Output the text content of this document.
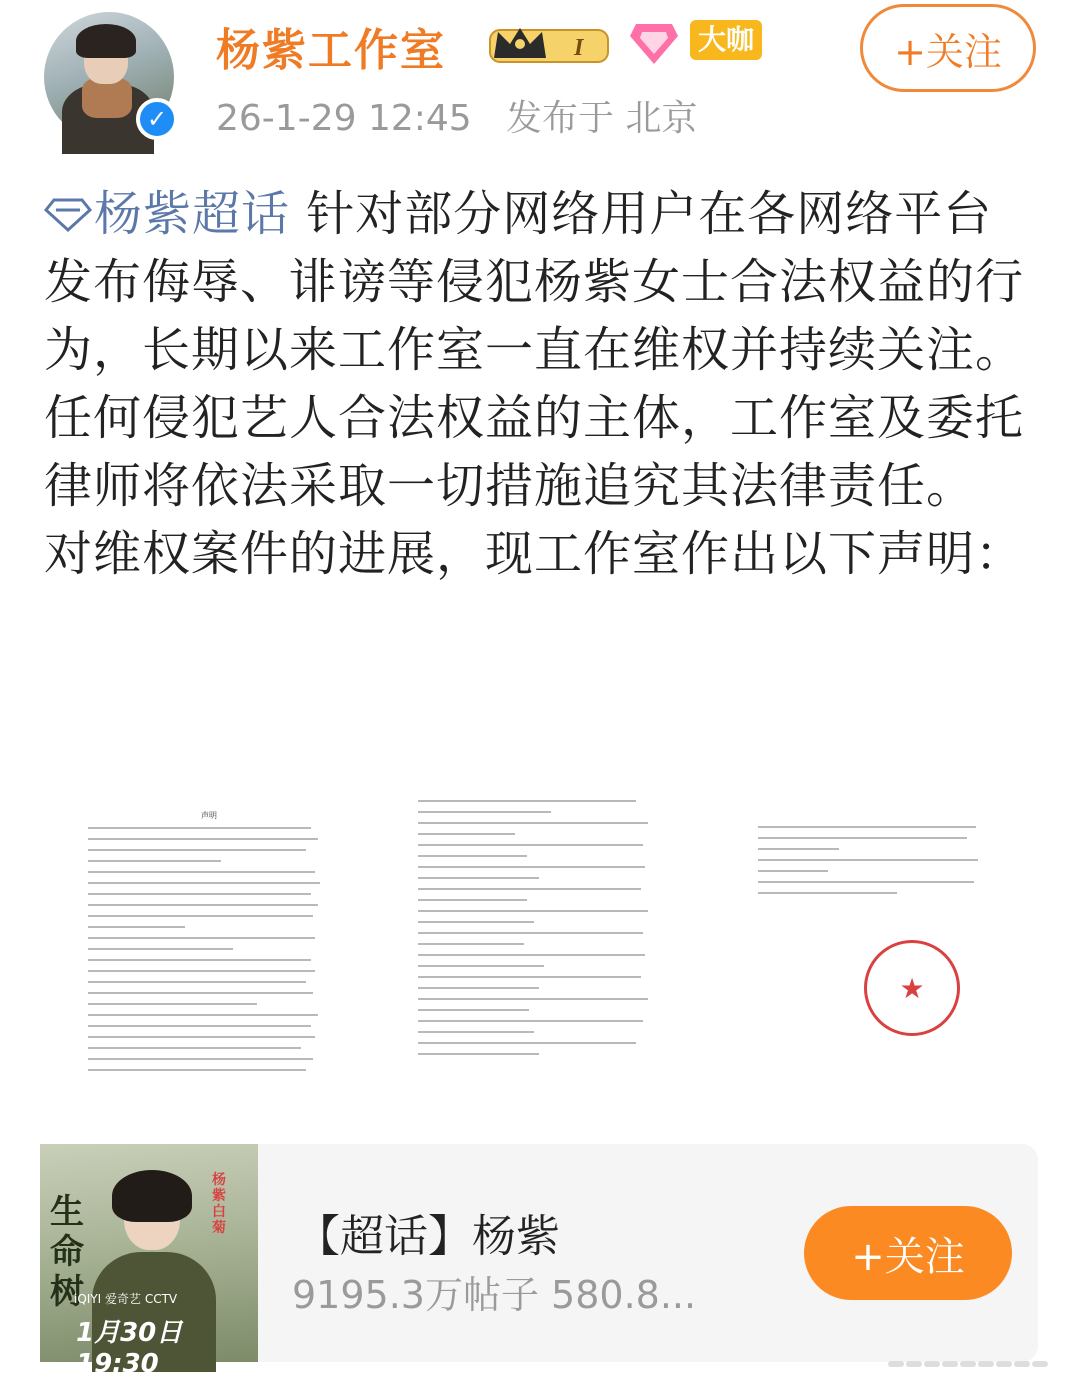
✓
杨紫工作室	I	大咖
26-1-29 12:45 发布于 北京
+关注

杨紫超话 针对部分网络用户在各网络平台发布侮辱、诽谤等侵犯杨紫女士合法权益的行为，长期以来工作室一直在维权并持续关注。

任何侵犯艺人合法权益的主体，工作室及委托律师将依法采取一切措施追究其法律责任。

对维权案件的进展，现工作室作出以下声明：

声明
★
生命树
杨紫 白菊
iQIYI 爱奇艺 CCTV
1月30日19:30
【超话】杨紫
9195.3万帖子 580.8...
+关注
